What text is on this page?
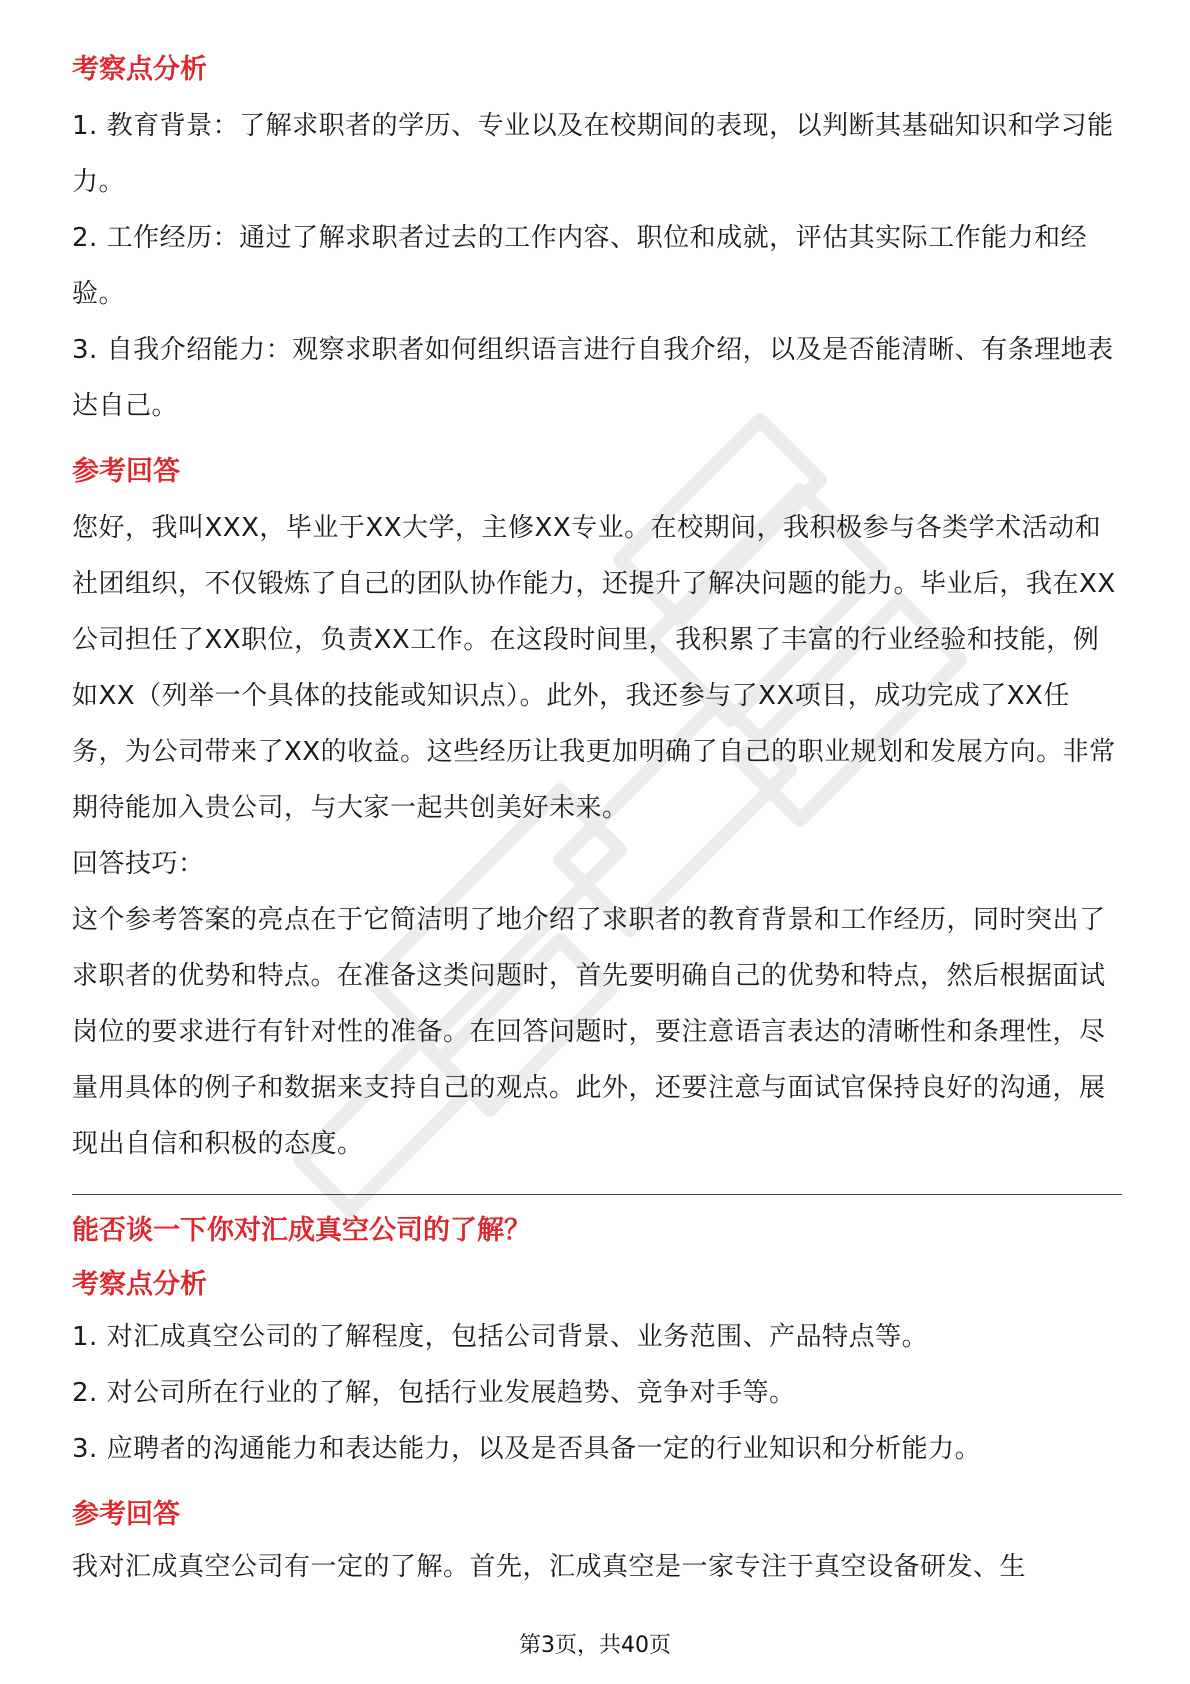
考察点分析

1. 教育背景：了解求职者的学历、专业以及在校期间的表现，以判断其基础知识和学习能力。

2. 工作经历：通过了解求职者过去的工作内容、职位和成就，评估其实际工作能力和经验。

3. 自我介绍能力：观察求职者如何组织语言进行自我介绍，以及是否能清晰、有条理地表达自己。

参考回答

您好，我叫XXX，毕业于XX大学，主修XX专业。在校期间，我积极参与各类学术活动和社团组织，不仅锻炼了自己的团队协作能力，还提升了解决问题的能力。毕业后，我在XX公司担任了XX职位，负责XX工作。在这段时间里，我积累了丰富的行业经验和技能，例如XX（列举一个具体的技能或知识点）。此外，我还参与了XX项目，成功完成了XX任务，为公司带来了XX的收益。这些经历让我更加明确了自己的职业规划和发展方向。非常期待能加入贵公司，与大家一起共创美好未来。

回答技巧：

这个参考答案的亮点在于它简洁明了地介绍了求职者的教育背景和工作经历，同时突出了求职者的优势和特点。在准备这类问题时，首先要明确自己的优势和特点，然后根据面试岗位的要求进行有针对性的准备。在回答问题时，要注意语言表达的清晰性和条理性，尽量用具体的例子和数据来支持自己的观点。此外，还要注意与面试官保持良好的沟通，展现出自信和积极的态度。

能否谈一下你对汇成真空公司的了解？
考察点分析

1. 对汇成真空公司的了解程度，包括公司背景、业务范围、产品特点等。

2. 对公司所在行业的了解，包括行业发展趋势、竞争对手等。

3. 应聘者的沟通能力和表达能力，以及是否具备一定的行业知识和分析能力。

参考回答

我对汇成真空公司有一定的了解。首先，汇成真空是一家专注于真空设备研发、生

第3页，共40页
